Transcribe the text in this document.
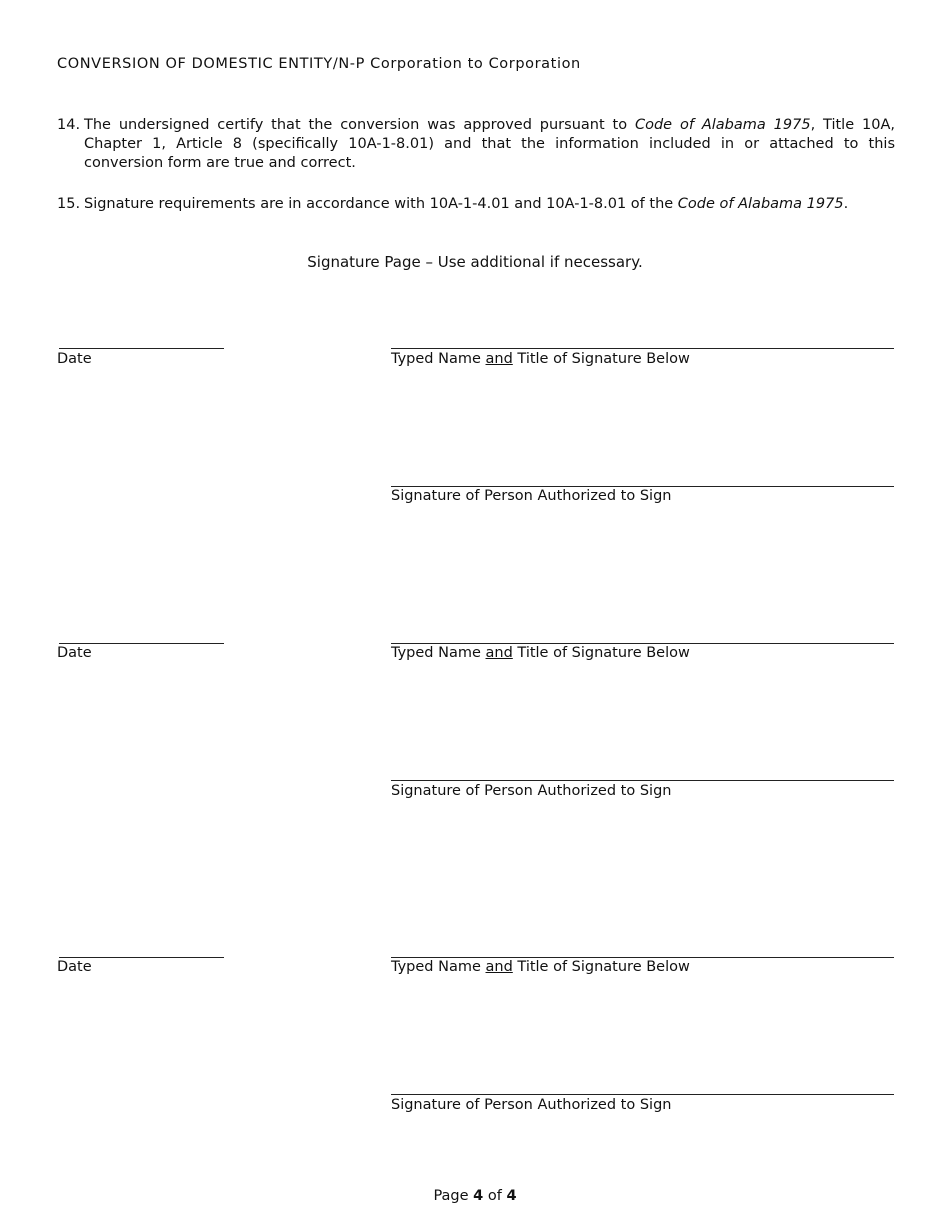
CONVERSION OF DOMESTIC ENTITY/N-P Corporation to Corporation
14. The undersigned certify that the conversion was approved pursuant to Code of Alabama 1975, Title 10A, Chapter 1, Article 8 (specifically 10A-1-8.01) and that the information included in or attached to this conversion form are true and correct.
15. Signature requirements are in accordance with 10A-1-4.01 and 10A-1-8.01 of the Code of Alabama 1975.
Signature Page – Use additional if necessary.
Date	Typed Name and Title of Signature Below
Signature of Person Authorized to Sign
Date	Typed Name and Title of Signature Below
Signature of Person Authorized to Sign
Date	Typed Name and Title of Signature Below
Signature of Person Authorized to Sign
Page 4 of 4
